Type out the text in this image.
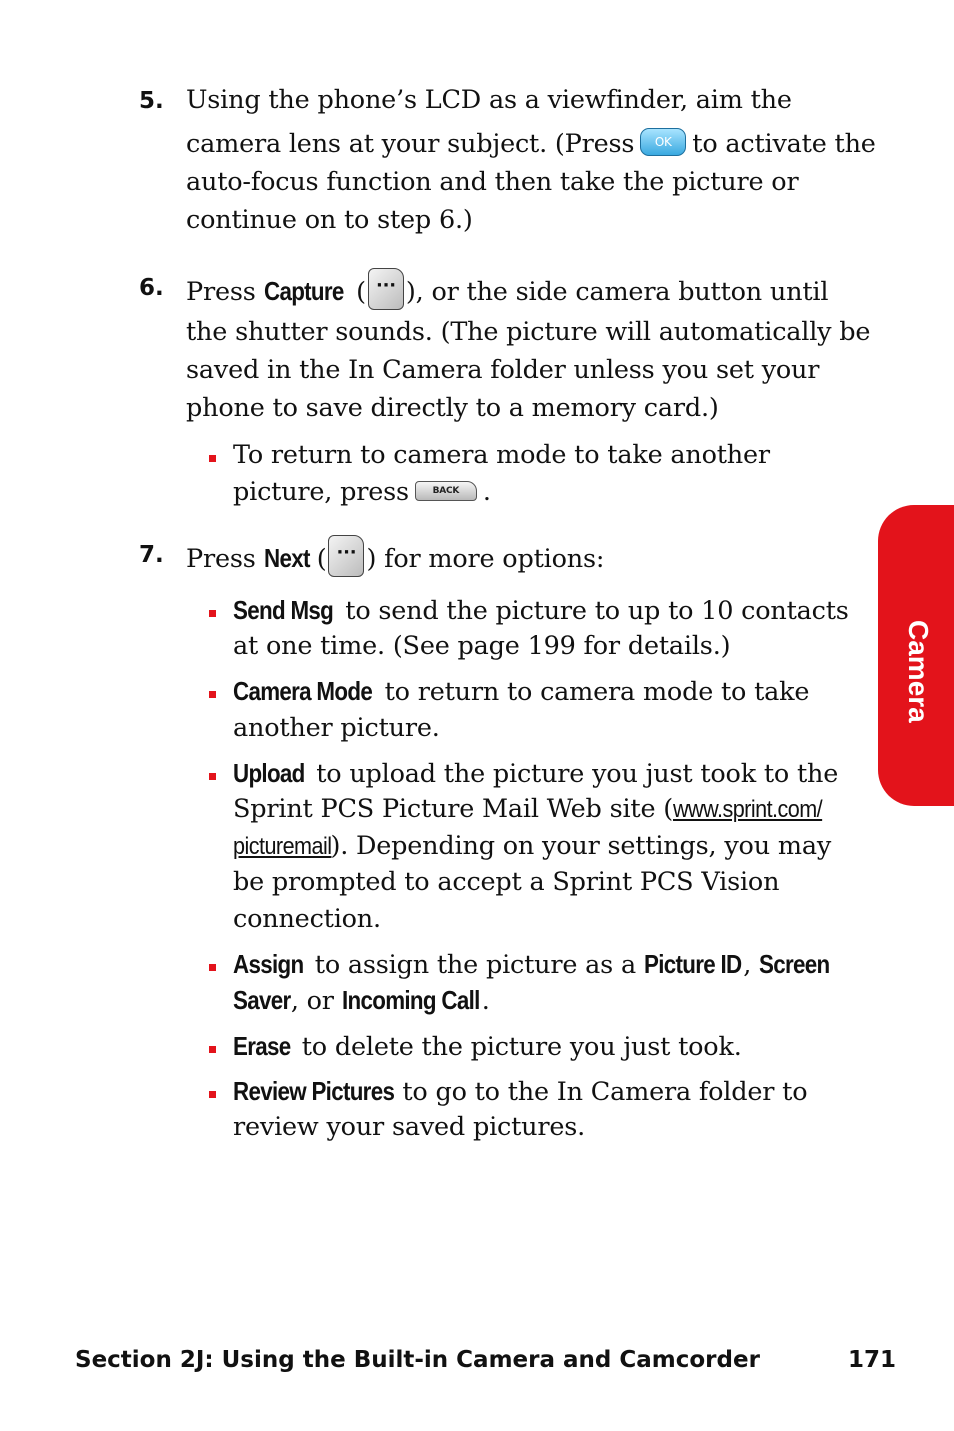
5. Using the phone’s LCD as a viewfinder, aim the
camera lens at your subject. (Press OK to activate the
auto-focus function and then take the picture or
continue on to step 6.)
6. Press Capture ( ··· ), or the side camera button until
the shutter sounds. (The picture will automatically be
saved in the In Camera folder unless you set your
phone to save directly to a memory card.)
To return to camera mode to take another
picture, press	BACK .
7. Press Next ( ··· ) for more options:
Send Msg to send the picture to up to 10 contacts
at one time. (See page 199 for details.)
Camera Mode to return to camera mode to take
another picture.
Upload to upload the picture you just took to the
Sprint PCS Picture Mail Web site (www.sprint.com/
picturemail). Depending on your settings, you may
be prompted to accept a Sprint PCS Vision
connection.
Assign to assign the picture as a Picture ID, Screen
Saver, or Incoming Call.
Erase to delete the picture you just took.
Review Pictures to go to the In Camera folder to
review your saved pictures.
Camera
Section 2J: Using the Built-in Camera and Camcorder	171
